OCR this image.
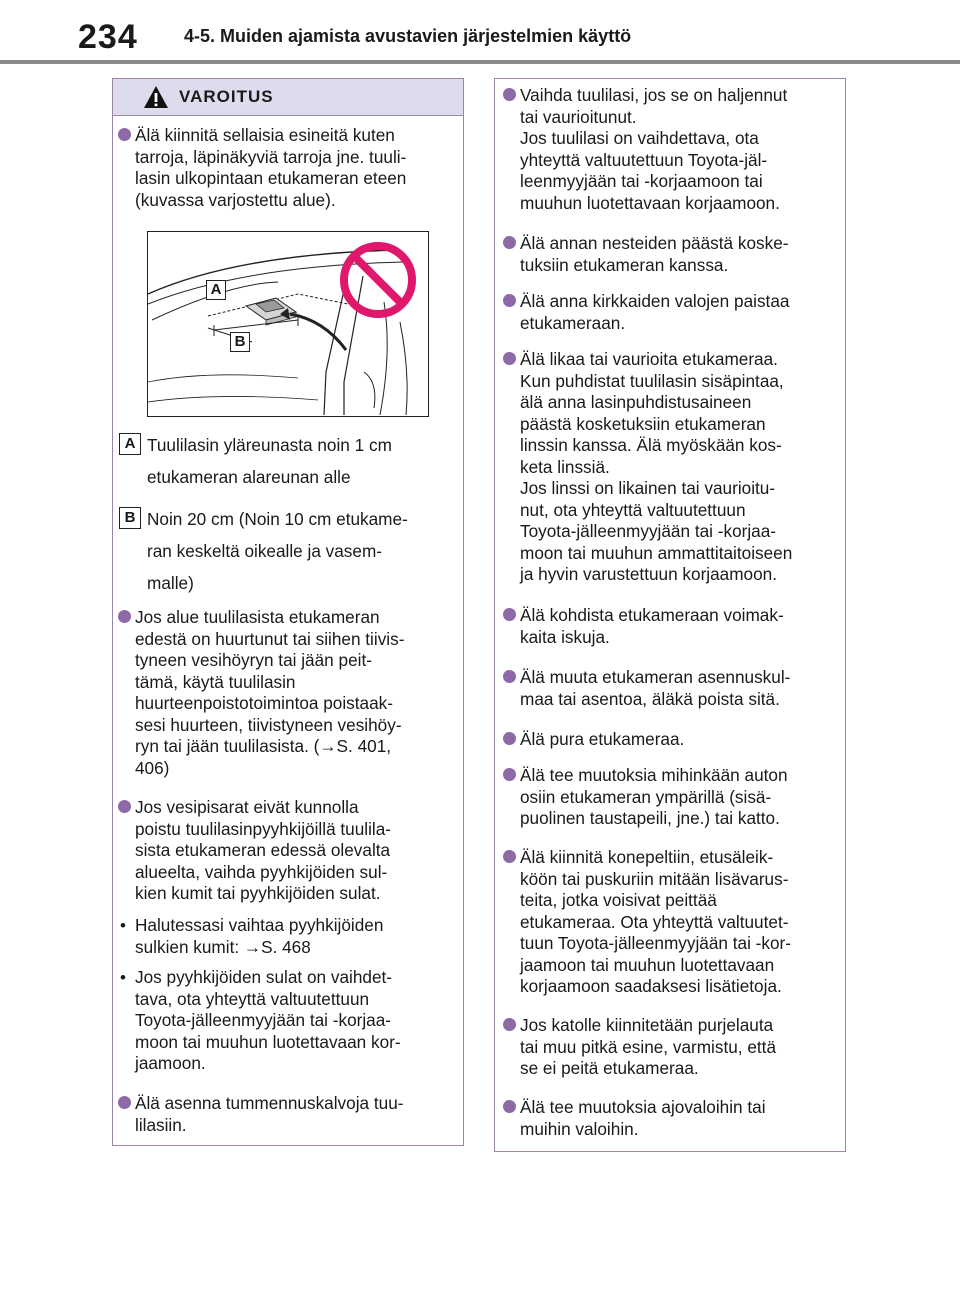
234	4-5. Muiden ajamista avustavien järjestelmien käyttö
VAROITUS

Älä kiinnitä sellaisia esineitä kuten

tarroja, läpinäkyviä tarroja jne. tuuli-

lasin ulkopintaan etukameran eteen

(kuvassa varjostettu alue).

A
B
A Tuulilasin yläreunasta noin 1 cm
etukameran alareunan alle
B Noin 20 cm (Noin 10 cm etukame-
ran keskeltä oikealle ja vasem-
malle)

Jos alue tuulilasista etukameran

edestä on huurtunut tai siihen tiivis-

tyneen vesihöyryn tai jään peit-

tämä, käytä tuulilasin

huurteenpoistotoimintoa poistaak-

sesi huurteen, tiivistyneen vesihöy-

ryn tai jään tuulilasista. (→S. 401,

406)

Jos vesipisarat eivät kunnolla

poistu tuulilasinpyyhkijöillä tuulila-

sista etukameran edessä olevalta

alueelta, vaihda pyyhkijöiden sul-

kien kumit tai pyyhkijöiden sulat.

• Halutessasi vaihtaa pyyhkijöiden

sulkien kumit: →S. 468

• Jos pyyhkijöiden sulat on vaihdet-

tava, ota yhteyttä valtuutettuun

Toyota-jälleenmyyjään tai -korjaa-

moon tai muuhun luotettavaan kor-

jaamoon.

Älä asenna tummennuskalvoja tuu-

lilasiin.

Vaihda tuulilasi, jos se on haljennut

tai vaurioitunut.

Jos tuulilasi on vaihdettava, ota

yhteyttä valtuutettuun Toyota-jäl-

leenmyyjään tai -korjaamoon tai

muuhun luotettavaan korjaamoon.

Älä annan nesteiden päästä koske-

tuksiin etukameran kanssa.

Älä anna kirkkaiden valojen paistaa

etukameraan.

Älä likaa tai vaurioita etukameraa.

Kun puhdistat tuulilasin sisäpintaa,

älä anna lasinpuhdistusaineen

päästä kosketuksiin etukameran

linssin kanssa. Älä myöskään kos-

keta linssiä.

Jos linssi on likainen tai vaurioitu-

nut, ota yhteyttä valtuutettuun

Toyota-jälleenmyyjään tai -korjaa-

moon tai muuhun ammattitaitoiseen

ja hyvin varustettuun korjaamoon.

Älä kohdista etukameraan voimak-

kaita iskuja.

Älä muuta etukameran asennuskul-

maa tai asentoa, äläkä poista sitä.

Älä pura etukameraa.

Älä tee muutoksia mihinkään auton

osiin etukameran ympärillä (sisä-

puolinen taustapeili, jne.) tai katto.

Älä kiinnitä konepeltiin, etusäleik-

köön tai puskuriin mitään lisävarus-

teita, jotka voisivat peittää

etukameraa. Ota yhteyttä valtuutet-

tuun Toyota-jälleenmyyjään tai -kor-

jaamoon tai muuhun luotettavaan

korjaamoon saadaksesi lisätietoja.

Jos katolle kiinnitetään purjelauta

tai muu pitkä esine, varmistu, että

se ei peitä etukameraa.

Älä tee muutoksia ajovaloihin tai

muihin valoihin.
